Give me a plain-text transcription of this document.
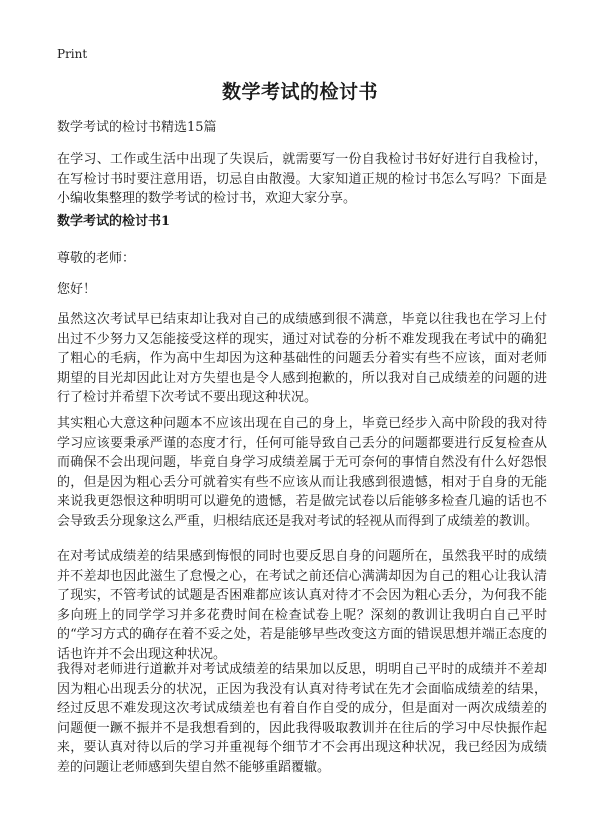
Print
数学考试的检讨书
数学考试的检讨书精选15篇
在学习、工作或生活中出现了失误后，就需要写一份自我检讨书好好进行自我检讨，在写检讨书时要注意用语，切忌自由散漫。大家知道正规的检讨书怎么写吗？下面是小编收集整理的数学考试的检讨书，欢迎大家分享。
数学考试的检讨书1
尊敬的老师：
您好！
虽然这次考试早已结束却让我对自己的成绩感到很不满意，毕竟以往我也在学习上付出过不少努力又怎能接受这样的现实，通过对试卷的分析不难发现我在考试中的确犯了粗心的毛病，作为高中生却因为这种基础性的问题丢分着实有些不应该，面对老师期望的目光却因此让对方失望也是令人感到抱歉的，所以我对自己成绩差的问题的进行了检讨并希望下次考试不要出现这种状况。
其实粗心大意这种问题本不应该出现在自己的身上，毕竟已经步入高中阶段的我对待学习应该要秉承严谨的态度才行，任何可能导致自己丢分的问题都要进行反复检查从而确保不会出现问题，毕竟自身学习成绩差属于无可奈何的事情自然没有什么好怨恨的，但是因为粗心丢分可就着实有些不应该从而让我感到很遗憾，相对于自身的无能来说我更怨恨这种明明可以避免的遗憾，若是做完试卷以后能够多检查几遍的话也不会导致丢分现象这么严重，归根结底还是我对考试的轻视从而得到了成绩差的教训。
在对考试成绩差的结果感到悔恨的同时也要反思自身的问题所在，虽然我平时的成绩并不差却也因此滋生了怠慢之心，在考试之前还信心满满却因为自己的粗心让我认清了现实，不管考试的试题是否困难都应该认真对待才不会因为粗心丢分，为何我不能多向班上的同学学习并多花费时间在检查试卷上呢？深刻的教训让我明白自己平时的“学习方式的确存在着不妥之处，若是能够早些改变这方面的错误思想并端正态度的话也许并不会出现这种状况。
我得对老师进行道歉并对考试成绩差的结果加以反思，明明自己平时的成绩并不差却因为粗心出现丢分的状况，正因为我没有认真对待考试在先才会面临成绩差的结果，经过反思不难发现这次考试成绩差也有着自作自受的成分，但是面对一两次成绩差的问题便一蹶不振并不是我想看到的，因此我得吸取教训并在往后的学习中尽快振作起来，要认真对待以后的学习并重视每个细节才不会再出现这种状况，我已经因为成绩差的问题让老师感到失望自然不能够重蹈覆辙。
